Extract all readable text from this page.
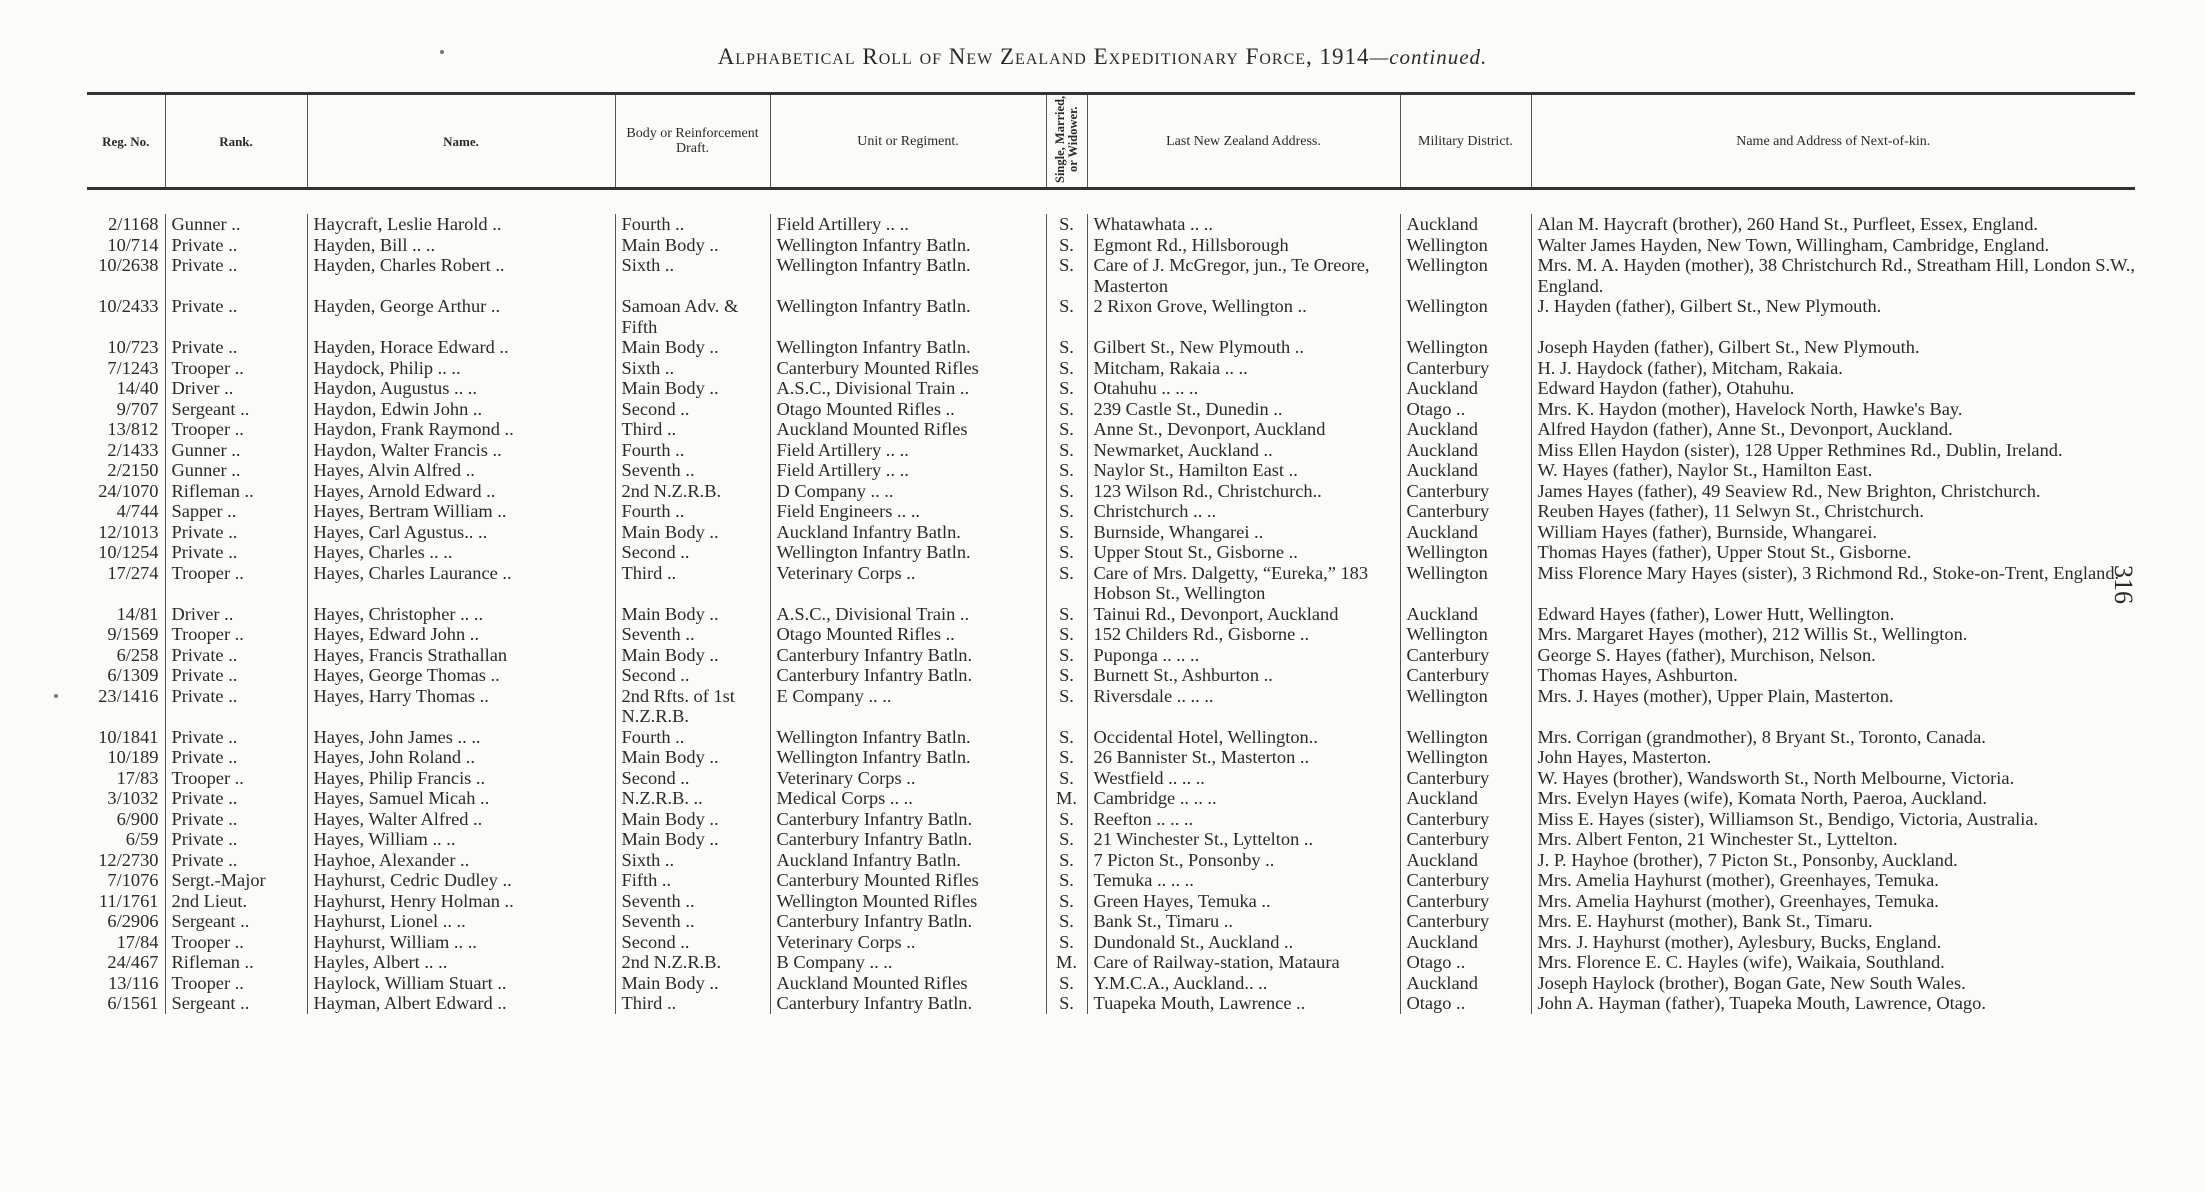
Alphabetical Roll of New Zealand Expeditionary Force, 1914—continued.
316
Reg. No.	Rank.	Name.	Body or Reinforcement Draft.	Unit or Regiment.	Single, Married, or Widower.	Last New Zealand Address.	Military District.	Name and Address of Next-of-kin.

2/1168	Gunner ..	Haycraft, Leslie Harold ..	Fourth ..	Field Artillery .. ..	S.	Whatawhata .. ..	Auckland	Alan M. Haycraft (brother), 260 Hand St., Purfleet, Essex, England.
10/714	Private ..	Hayden, Bill .. ..	Main Body ..	Wellington Infantry Batln.	S.	Egmont Rd., Hillsborough	Wellington	Walter James Hayden, New Town, Willingham, Cambridge, England.
10/2638	Private ..	Hayden, Charles Robert ..	Sixth ..	Wellington Infantry Batln.	S.	Care of J. McGregor, jun., Te Oreore, Masterton	Wellington	Mrs. M. A. Hayden (mother), 38 Christchurch Rd., Streatham Hill, London S.W., England.
10/2433	Private ..	Hayden, George Arthur ..	Samoan Adv. & Fifth	Wellington Infantry Batln.	S.	2 Rixon Grove, Wellington ..	Wellington	J. Hayden (father), Gilbert St., New Plymouth.
10/723	Private ..	Hayden, Horace Edward ..	Main Body ..	Wellington Infantry Batln.	S.	Gilbert St., New Plymouth ..	Wellington	Joseph Hayden (father), Gilbert St., New Plymouth.
7/1243	Trooper ..	Haydock, Philip .. ..	Sixth ..	Canterbury Mounted Rifles	S.	Mitcham, Rakaia .. ..	Canterbury	H. J. Haydock (father), Mitcham, Rakaia.
14/40	Driver ..	Haydon, Augustus .. ..	Main Body ..	A.S.C., Divisional Train ..	S.	Otahuhu .. .. ..	Auckland	Edward Haydon (father), Otahuhu.
9/707	Sergeant ..	Haydon, Edwin John ..	Second ..	Otago Mounted Rifles ..	S.	239 Castle St., Dunedin ..	Otago ..	Mrs. K. Haydon (mother), Havelock North, Hawke's Bay.
13/812	Trooper ..	Haydon, Frank Raymond ..	Third ..	Auckland Mounted Rifles	S.	Anne St., Devonport, Auckland	Auckland	Alfred Haydon (father), Anne St., Devonport, Auckland.
2/1433	Gunner ..	Haydon, Walter Francis ..	Fourth ..	Field Artillery .. ..	S.	Newmarket, Auckland ..	Auckland	Miss Ellen Haydon (sister), 128 Upper Rethmines Rd., Dublin, Ireland.
2/2150	Gunner ..	Hayes, Alvin Alfred ..	Seventh ..	Field Artillery .. ..	S.	Naylor St., Hamilton East ..	Auckland	W. Hayes (father), Naylor St., Hamilton East.
24/1070	Rifleman ..	Hayes, Arnold Edward ..	2nd N.Z.R.B.	D Company .. ..	S.	123 Wilson Rd., Christchurch..	Canterbury	James Hayes (father), 49 Seaview Rd., New Brighton, Christchurch.
4/744	Sapper ..	Hayes, Bertram William ..	Fourth ..	Field Engineers .. ..	S.	Christchurch .. ..	Canterbury	Reuben Hayes (father), 11 Selwyn St., Christchurch.
12/1013	Private ..	Hayes, Carl Agustus.. ..	Main Body ..	Auckland Infantry Batln.	S.	Burnside, Whangarei ..	Auckland	William Hayes (father), Burnside, Whangarei.
10/1254	Private ..	Hayes, Charles .. ..	Second ..	Wellington Infantry Batln.	S.	Upper Stout St., Gisborne ..	Wellington	Thomas Hayes (father), Upper Stout St., Gisborne.
17/274	Trooper ..	Hayes, Charles Laurance ..	Third ..	Veterinary Corps ..	S.	Care of Mrs. Dalgetty, “Eureka,” 183 Hobson St., Wellington	Wellington	Miss Florence Mary Hayes (sister), 3 Richmond Rd., Stoke-on-Trent, England.
14/81	Driver ..	Hayes, Christopher .. ..	Main Body ..	A.S.C., Divisional Train ..	S.	Tainui Rd., Devonport, Auckland	Auckland	Edward Hayes (father), Lower Hutt, Wellington.
9/1569	Trooper ..	Hayes, Edward John ..	Seventh ..	Otago Mounted Rifles ..	S.	152 Childers Rd., Gisborne ..	Wellington	Mrs. Margaret Hayes (mother), 212 Willis St., Wellington.
6/258	Private ..	Hayes, Francis Strathallan	Main Body ..	Canterbury Infantry Batln.	S.	Puponga .. .. ..	Canterbury	George S. Hayes (father), Murchison, Nelson.
6/1309	Private ..	Hayes, George Thomas ..	Second ..	Canterbury Infantry Batln.	S.	Burnett St., Ashburton ..	Canterbury	Thomas Hayes, Ashburton.
23/1416	Private ..	Hayes, Harry Thomas ..	2nd Rfts. of 1st N.Z.R.B.	E Company .. ..	S.	Riversdale .. .. ..	Wellington	Mrs. J. Hayes (mother), Upper Plain, Masterton.
10/1841	Private ..	Hayes, John James .. ..	Fourth ..	Wellington Infantry Batln.	S.	Occidental Hotel, Wellington..	Wellington	Mrs. Corrigan (grandmother), 8 Bryant St., Toronto, Canada.
10/189	Private ..	Hayes, John Roland ..	Main Body ..	Wellington Infantry Batln.	S.	26 Bannister St., Masterton ..	Wellington	John Hayes, Masterton.
17/83	Trooper ..	Hayes, Philip Francis ..	Second ..	Veterinary Corps ..	S.	Westfield .. .. ..	Canterbury	W. Hayes (brother), Wandsworth St., North Melbourne, Victoria.
3/1032	Private ..	Hayes, Samuel Micah ..	N.Z.R.B. ..	Medical Corps .. ..	M.	Cambridge .. .. ..	Auckland	Mrs. Evelyn Hayes (wife), Komata North, Paeroa, Auckland.
6/900	Private ..	Hayes, Walter Alfred ..	Main Body ..	Canterbury Infantry Batln.	S.	Reefton .. .. ..	Canterbury	Miss E. Hayes (sister), Williamson St., Bendigo, Victoria, Australia.
6/59	Private ..	Hayes, William .. ..	Main Body ..	Canterbury Infantry Batln.	S.	21 Winchester St., Lyttelton ..	Canterbury	Mrs. Albert Fenton, 21 Winchester St., Lyttelton.
12/2730	Private ..	Hayhoe, Alexander ..	Sixth ..	Auckland Infantry Batln.	S.	7 Picton St., Ponsonby ..	Auckland	J. P. Hayhoe (brother), 7 Picton St., Ponsonby, Auckland.
7/1076	Sergt.-Major	Hayhurst, Cedric Dudley ..	Fifth ..	Canterbury Mounted Rifles	S.	Temuka .. .. ..	Canterbury	Mrs. Amelia Hayhurst (mother), Greenhayes, Temuka.
11/1761	2nd Lieut.	Hayhurst, Henry Holman ..	Seventh ..	Wellington Mounted Rifles	S.	Green Hayes, Temuka ..	Canterbury	Mrs. Amelia Hayhurst (mother), Greenhayes, Temuka.
6/2906	Sergeant ..	Hayhurst, Lionel .. ..	Seventh ..	Canterbury Infantry Batln.	S.	Bank St., Timaru ..	Canterbury	Mrs. E. Hayhurst (mother), Bank St., Timaru.
17/84	Trooper ..	Hayhurst, William .. ..	Second ..	Veterinary Corps ..	S.	Dundonald St., Auckland ..	Auckland	Mrs. J. Hayhurst (mother), Aylesbury, Bucks, England.
24/467	Rifleman ..	Hayles, Albert .. ..	2nd N.Z.R.B.	B Company .. ..	M.	Care of Railway-station, Mataura	Otago ..	Mrs. Florence E. C. Hayles (wife), Waikaia, Southland.
13/116	Trooper ..	Haylock, William Stuart ..	Main Body ..	Auckland Mounted Rifles	S.	Y.M.C.A., Auckland.. ..	Auckland	Joseph Haylock (brother), Bogan Gate, New South Wales.
6/1561	Sergeant ..	Hayman, Albert Edward ..	Third ..	Canterbury Infantry Batln.	S.	Tuapeka Mouth, Lawrence ..	Otago ..	John A. Hayman (father), Tuapeka Mouth, Lawrence, Otago.
